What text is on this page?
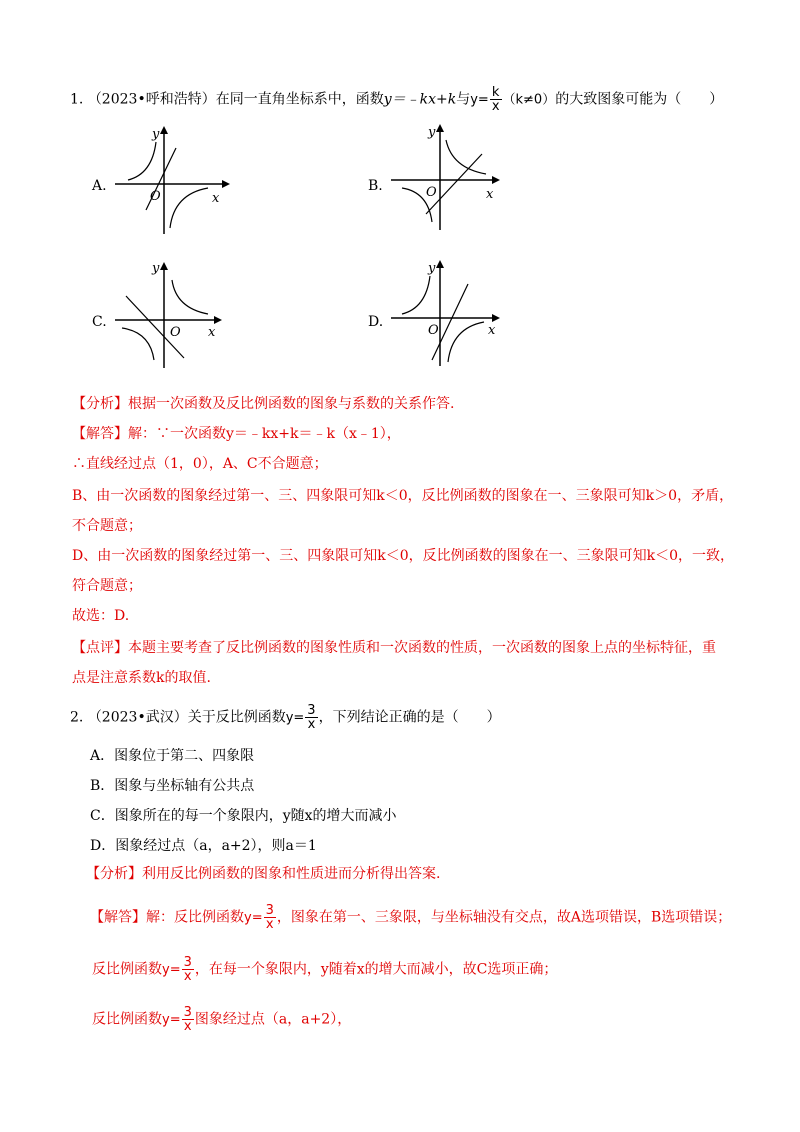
1. （2023•呼和浩特）在同一直角坐标系中，函数y＝﹣kx+k与$y= \frac{k}{x} (k\ne 0)$的大致图象可能为（　　）
A.
O	x
y
B.	O	x
y
C.
O x
y
D.
O	x
y
【分析】根据一次函数及反比例函数的图象与系数的关系作答.
【解答】解：∵一次函数y＝﹣kx+k＝﹣k（x﹣1），
∴直线经过点（1，0），A、C不合题意；
B、由一次函数的图象经过第一、三、四象限可知k＜0，反比例函数的图象在一、三象限可知k＞0，矛盾，
不合题意；
D、由一次函数的图象经过第一、三、四象限可知k＜0，反比例函数的图象在一、三象限可知k＜0，一致，
符合题意；
故选：D.
【点评】本题主要考查了反比例函数的图象性质和一次函数的性质，一次函数的图象上点的坐标特征，重
点是注意系数k的取值.
2. （2023•武汉）关于反比例函数$y= \frac{3}{x}$ ，下列结论正确的是（　　）
A．图象位于第二、四象限
B．图象与坐标轴有公共点
C．图象所在的每一个象限内，y随x的增大而减小
D．图象经过点（a，a+2），则a＝1
【分析】利用反比例函数的图象和性质进而分析得出答案.
【解答】解：反比例函数$y= \frac{3}{x}$ ，图象在第一、三象限，与坐标轴没有交点，故A选项错误，B选项错误；
反比例函数$y= \frac{3}{x}$ ，在每一个象限内，y随着x的增大而减小，故C选项正确；
反比例函数$y= \frac{3}{x}$ 图象经过点（a，a+2），
